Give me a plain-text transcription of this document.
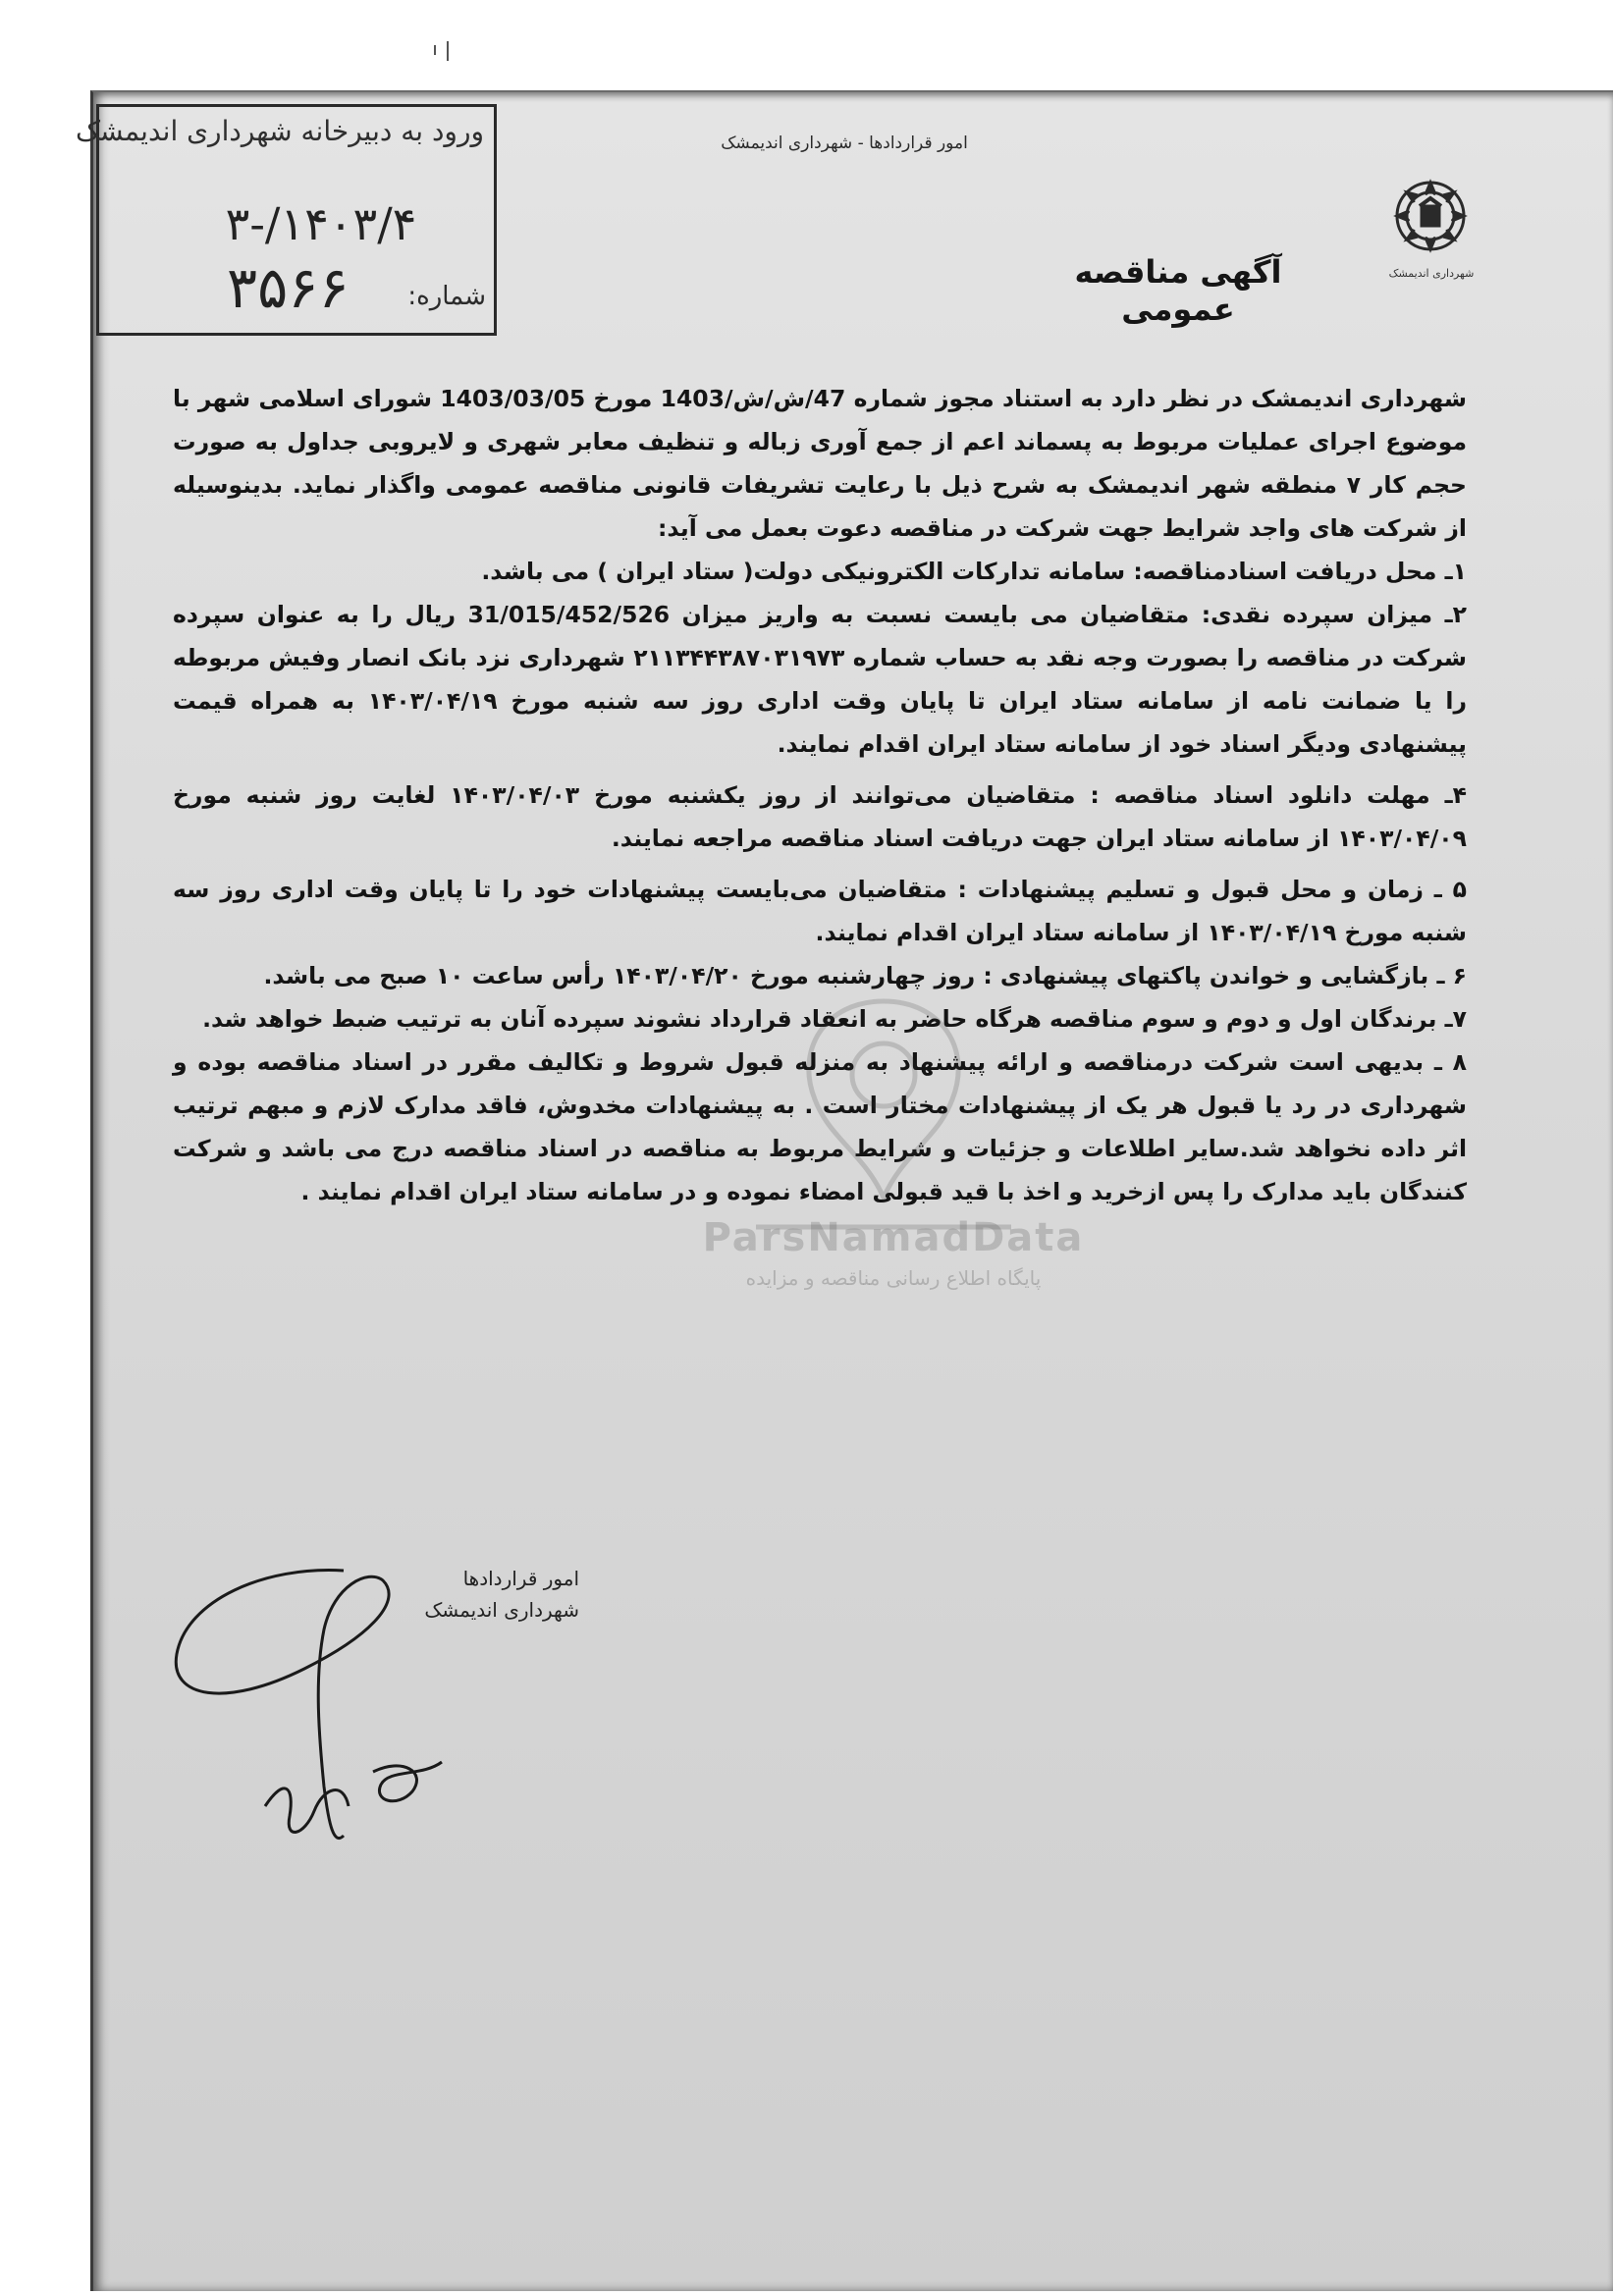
ورود به دبیرخانه شهرداری اندیمشک
۱۴۰۳/۴/-۳
۳۵۶۶ شماره:
امور قراردادها - شهرداری اندیمشک
شهرداری اندیمشک
آگهی مناقصه عمومی

شهرداری اندیمشک در نظر دارد به استناد مجوز شماره 47/ش/ش/1403 مورخ 1403/03/05 شورای اسلامی شهر با موضوع اجرای عملیات مربوط به پسماند اعم از جمع آوری زباله و تنظیف معابر شهری و لایروبی جداول به صورت حجم کار ۷ منطقه شهر اندیمشک به شرح ذیل با رعایت تشریفات قانونی مناقصه عمومی واگذار نماید. بدینوسیله از شرکت های واجد شرایط جهت شرکت در مناقصه دعوت بعمل می آید:

۱ـ محل دریافت اسنادمناقصه: سامانه تدارکات الکترونیکی دولت( ستاد ایران ) می باشد.

۲ـ میزان سپرده نقدی: متقاضیان می بایست نسبت به واریز میزان 31/015/452/526 ریال را به عنوان سپرده شرکت در مناقصه را بصورت وجه نقد به حساب شماره ۲۱۱۳۴۴۳۸۷۰۳۱۹۷۳ شهرداری نزد بانک انصار وفیش مربوطه را یا ضمانت نامه از سامانه ستاد ایران تا پایان وقت اداری روز سه شنبه مورخ ۱۴۰۳/۰۴/۱۹ به همراه قیمت پیشنهادی ودیگر اسناد خود از سامانه ستاد ایران اقدام نمایند.

۴ـ مهلت دانلود اسناد مناقصه : متقاضیان می‌توانند از روز یکشنبه مورخ ۱۴۰۳/۰۴/۰۳ لغایت روز شنبه مورخ ۱۴۰۳/۰۴/۰۹ از سامانه ستاد ایران جهت دریافت اسناد مناقصه مراجعه نمایند.

۵ ـ زمان و محل قبول و تسلیم پیشنهادات : متقاضیان می‌بایست پیشنهادات خود را تا پایان وقت اداری روز سه شنبه مورخ ۱۴۰۳/۰۴/۱۹ از سامانه ستاد ایران اقدام نمایند.

۶ ـ بازگشایی و خواندن پاکتهای پیشنهادی : روز چهارشنبه مورخ ۱۴۰۳/۰۴/۲۰ رأس ساعت ۱۰ صبح می باشد.

۷ـ برندگان اول و دوم و سوم مناقصه هرگاه حاضر به انعقاد قرارداد نشوند سپرده آنان به ترتیب ضبط خواهد شد.

۸ ـ بدیهی است شرکت درمناقصه و ارائه پیشنهاد به منزله قبول شروط و تکالیف مقرر در اسناد مناقصه بوده و شهرداری در رد یا قبول هر یک از پیشنهادات مختار است . به پیشنهادات مخدوش، فاقد مدارک لازم و مبهم ترتیب اثر داده نخواهد شد.سایر اطلاعات و جزئیات و شرایط مربوط به مناقصه در اسناد مناقصه درج می باشد و شرکت کنندگان باید مدارک را پس ازخرید و اخذ با قید قبولی امضاء نموده و در سامانه ستاد ایران اقدام نمایند .

ParsNamadData
پایگاه اطلاع رسانی مناقصه و مزایده
امور قراردادها
شهرداری اندیمشک
